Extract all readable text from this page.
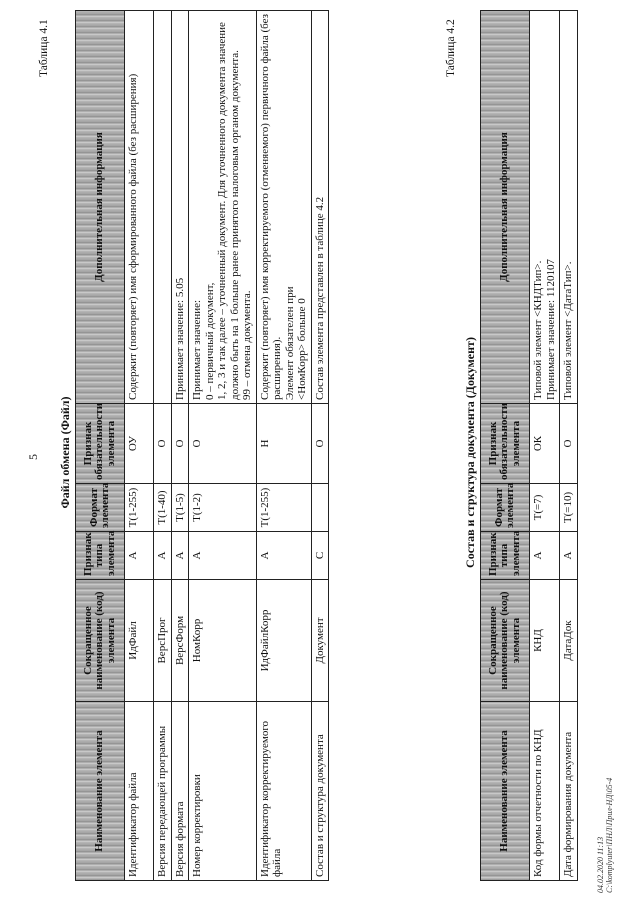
5
Таблица 4.1
Файл обмена (Файл)
Наименование элемента	Сокращенное наименование (код) элемента	Признак типа элемента	Формат элемента	Признак обязательности элемента	Дополнительная информация
Идентификатор файла	ИдФайл	А	T(1-255)	ОУ	Содержит (повторяет) имя сформированного файла (без расширения)
Версия передающей программы	ВерсПрог	А	T(1-40)	О	
Версия формата	ВерсФорм	А	T(1-5)	О	Принимает значение: 5.05
Номер корректировки	НомКорр	А	T(1-2)	О	Принимает значение: 0 – первичный документ, 1, 2, 3 и так далее – уточненный документ. Для уточненного документа значение должно быть на 1 больше ранее принятого налоговым органом документа. 99 – отмена документа.

Идентификатор корректируемого файла	ИдФайлКорр	А	T(1-255)	Н	Содержит (повторяет) имя корректируемого (отменяемого) первичного файла (без расширения). Элемент обязателен при <НомКорр> больше 0

Состав и структура документа	Документ	С		О	Состав элемента представлен в таблице 4.2
Таблица 4.2
Состав и структура документа (Документ)
Наименование элемента	Сокращенное наименование (код) элемента	Признак типа элемента	Формат элемента	Признак обязательности элемента	Дополнительная информация
Код формы отчетности по КНД	КНД	А	T(=7)	ОК	Типовой элемент <КНДТип>. Принимает значение: 1120107

Дата формирования документа	ДатаДок	А	T(=10)	О	Типовой элемент <ДатаТип>.
04.02.2020 11:13 C:\komplyuter\ПНЛ\Прил-НД\05-4
